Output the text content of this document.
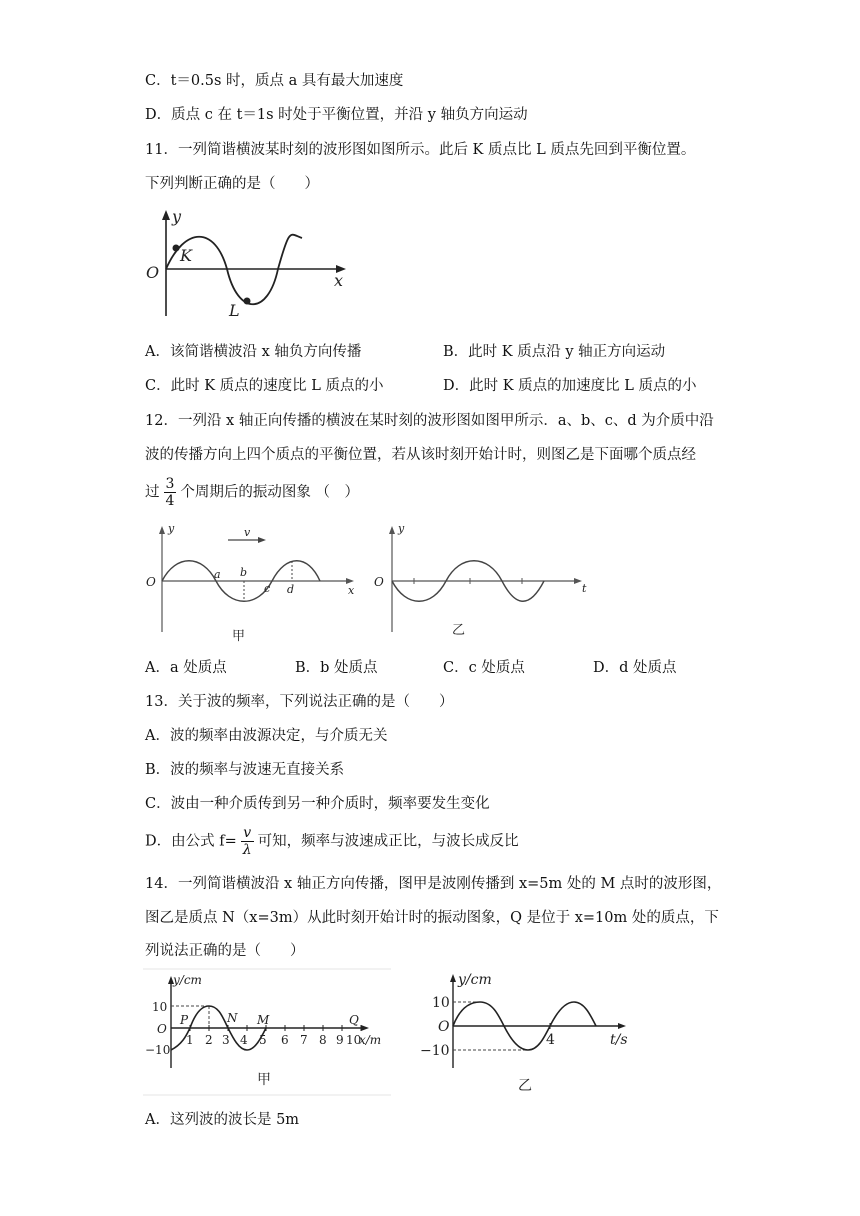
C．t＝0.5s 时，质点 a 具有最大加速度
D．质点 c 在 t＝1s 时处于平衡位置，并沿 y 轴负方向运动
11．一列简谐横波某时刻的波形图如图所示。此后 K 质点比 L 质点先回到平衡位置。
下列判断正确的是（　　）
y
O	x
K
L
A．该简谐横波沿 x 轴负方向传播	B．此时 K 质点沿 y 轴正方向运动
C．此时 K 质点的速度比 L 质点的小	D．此时 K 质点的加速度比 L 质点的小
12．一列沿 x 轴正向传播的横波在某时刻的波形图如图甲所示．a、b、c、d 为介质中沿
波的传播方向上四个质点的平衡位置，若从该时刻开始计时，则图乙是下面哪个质点经
过 $\frac{3}{4}$ 个周期后的振动图象 （　）
y
O
v
a b
c d	x
甲
y
O	t
乙
A．a 处质点	B．b 处质点	C．c 处质点	D．d 处质点
13．关于波的频率，下列说法正确的是（　　）
A．波的频率由波源决定，与介质无关
B．波的频率与波速无直接关系
C．波由一种介质传到另一种介质时，频率要发生变化
D．由公式 $f= \frac{v}{\lambda}$ 可知，频率与波速成正比，与波长成反比
14．一列简谐横波沿 x 轴正方向传播，图甲是波刚传播到 x=5m 处的 M 点时的波形图，
图乙是质点 N（x=3m）从此时刻开始计时的振动图象，Q 是位于 x=10m 处的质点，下
列说法正确的是（　　）
y/cm
10
O
−10
P	N M	Q
1 2 3 4 5 6 7 8 9 10
x/m
甲
y/cm
10
O
−10
4	t/s
乙
A．这列波的波长是 5m
